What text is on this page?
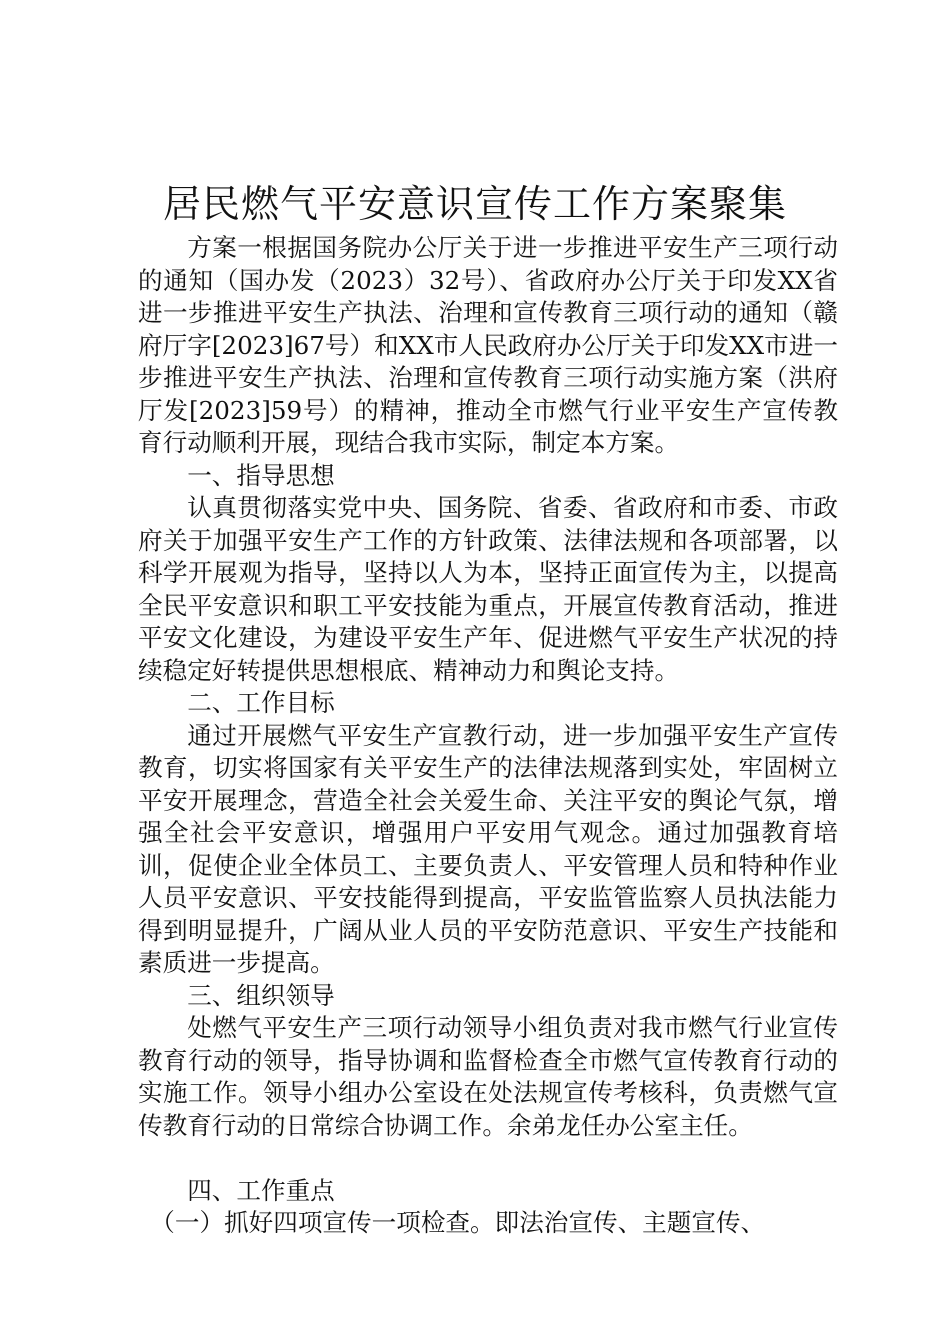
居民燃气平安意识宣传工作方案聚集

方案一根据国务院办公厅关于进一步推进平安生产三项行动的通知（国办发（2023）32号）、省政府办公厅关于印发XX省进一步推进平安生产执法、治理和宣传教育三项行动的通知（赣府厅字[2023]67号）和XX市人民政府办公厅关于印发XX市进一步推进平安生产执法、治理和宣传教育三项行动实施方案（洪府厅发[2023]59号）的精神，推动全市燃气行业平安生产宣传教育行动顺利开展，现结合我市实际，制定本方案。

一、指导思想

认真贯彻落实党中央、国务院、省委、省政府和市委、市政府关于加强平安生产工作的方针政策、法律法规和各项部署，以科学开展观为指导，坚持以人为本，坚持正面宣传为主，以提高全民平安意识和职工平安技能为重点，开展宣传教育活动，推进平安文化建设，为建设平安生产年、促进燃气平安生产状况的持续稳定好转提供思想根底、精神动力和舆论支持。

二、工作目标

通过开展燃气平安生产宣教行动，进一步加强平安生产宣传教育，切实将国家有关平安生产的法律法规落到实处，牢固树立平安开展理念，营造全社会关爱生命、关注平安的舆论气氛，增强全社会平安意识，增强用户平安用气观念。通过加强教育培训，促使企业全体员工、主要负责人、平安管理人员和特种作业人员平安意识、平安技能得到提高，平安监管监察人员执法能力得到明显提升，广阔从业人员的平安防范意识、平安生产技能和素质进一步提高。

三、组织领导

处燃气平安生产三项行动领导小组负责对我市燃气行业宣传教育行动的领导，指导协调和监督检查全市燃气宣传教育行动的实施工作。领导小组办公室设在处法规宣传考核科，负责燃气宣传教育行动的日常综合协调工作。余弟龙任办公室主任。

四、工作重点

（一）抓好四项宣传一项检查。即法治宣传、主题宣传、
